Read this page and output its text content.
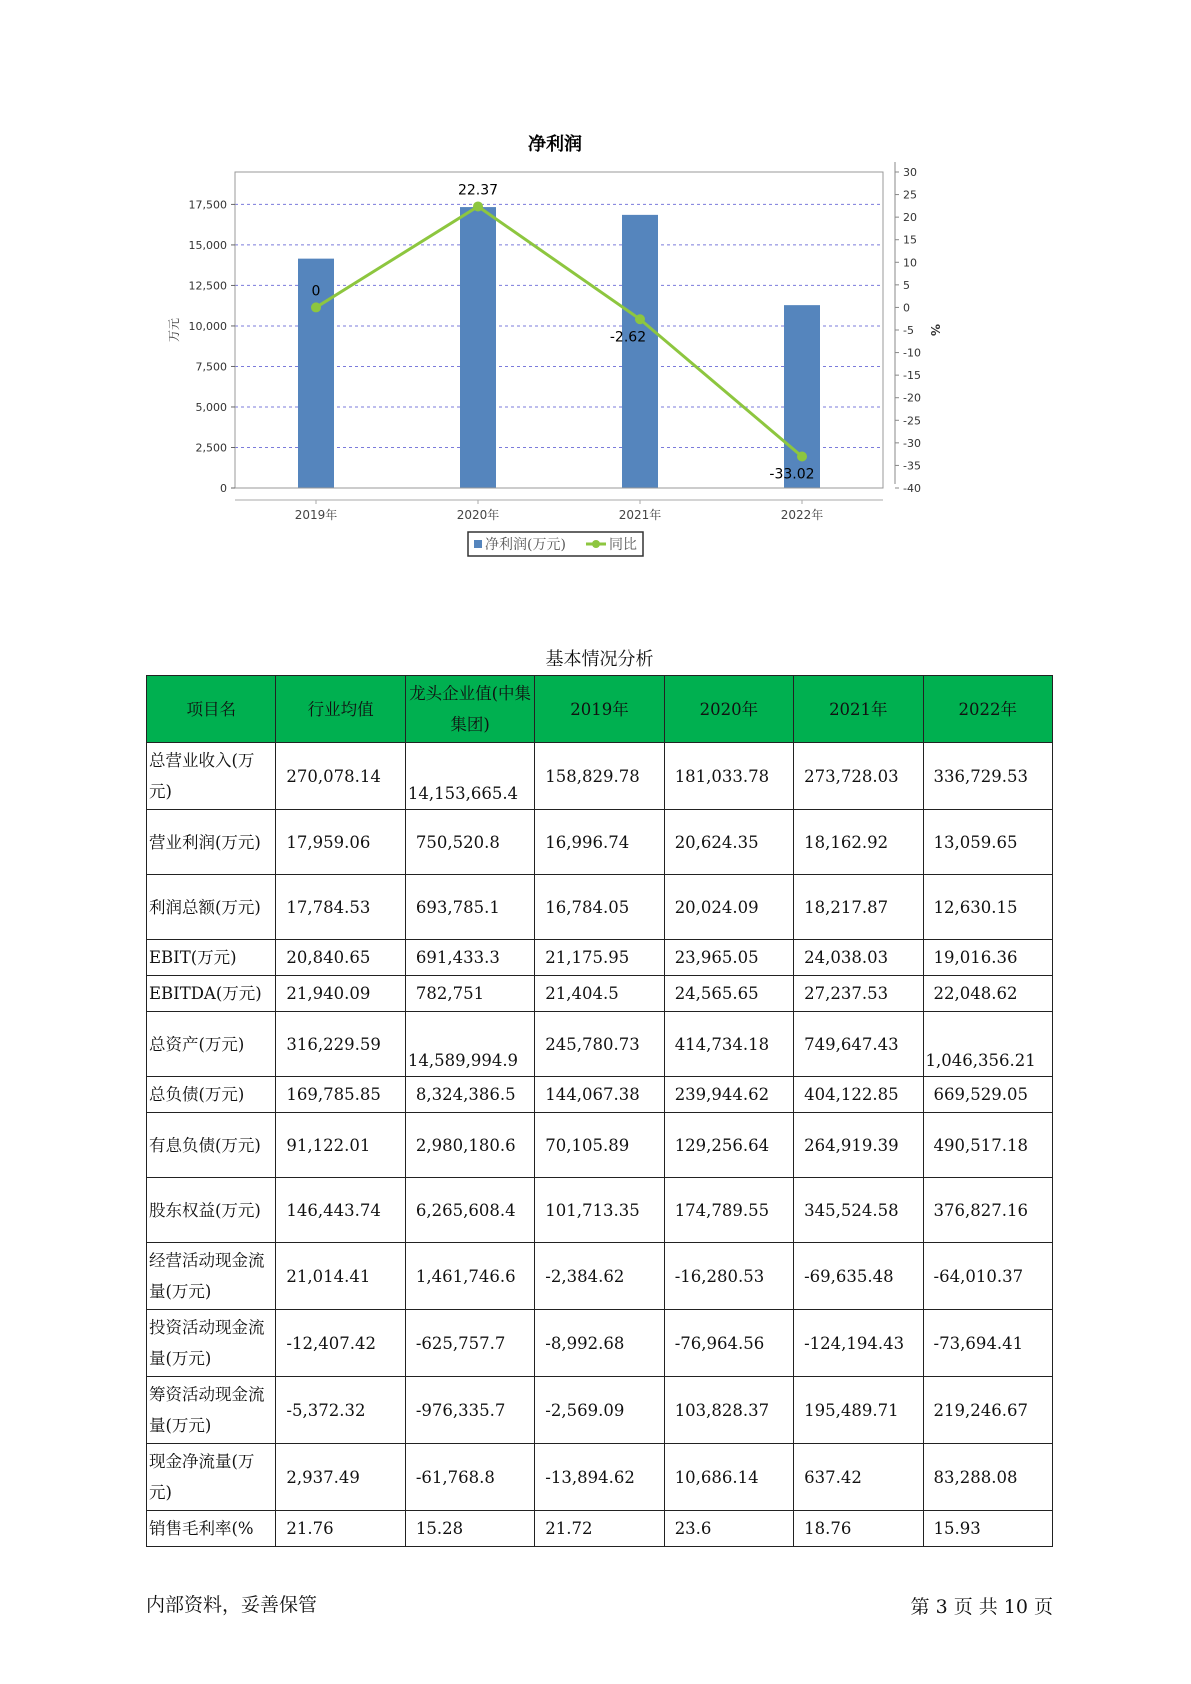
净利润
0
22.37
-2.62
-33.02
0
2,500
5,000
7,500
10,000
12,500
15,000
17,500
30
25
20
15
10
5
0
-5
-10
-15
-20
-25
-30
-35
-40
万元	%
2019年	2020年	2021年	2022年
净利润(万元)	同比
基本情况分析
项目名	行业均值	龙头企业值(中集集团)	2019年	2020年	2021年	2022年
总营业收入(万元)	270,078.14	14,153,665.4	158,829.78	181,033.78	273,728.03	336,729.53
营业利润(万元)	17,959.06	750,520.8	16,996.74	20,624.35	18,162.92	13,059.65
利润总额(万元)	17,784.53	693,785.1	16,784.05	20,024.09	18,217.87	12,630.15
EBIT(万元)	20,840.65	691,433.3	21,175.95	23,965.05	24,038.03	19,016.36
EBITDA(万元)	21,940.09	782,751	21,404.5	24,565.65	27,237.53	22,048.62
总资产(万元)	316,229.59	14,589,994.9	245,780.73	414,734.18	749,647.43	1,046,356.21
总负债(万元)	169,785.85	8,324,386.5	144,067.38	239,944.62	404,122.85	669,529.05
有息负债(万元)	91,122.01	2,980,180.6	70,105.89	129,256.64	264,919.39	490,517.18
股东权益(万元)	146,443.74	6,265,608.4	101,713.35	174,789.55	345,524.58	376,827.16
经营活动现金流量(万元)	21,014.41	1,461,746.6	-2,384.62	-16,280.53	-69,635.48	-64,010.37
投资活动现金流量(万元)	-12,407.42	-625,757.7	-8,992.68	-76,964.56	-124,194.43	-73,694.41
筹资活动现金流量(万元)	-5,372.32	-976,335.7	-2,569.09	103,828.37	195,489.71	219,246.67
现金净流量(万元)	2,937.49	-61,768.8	-13,894.62	10,686.14	637.42	83,288.08
销售毛利率(%	21.76	15.28	21.72	23.6	18.76	15.93
内部资料，妥善保管	第 3 页 共 10 页
